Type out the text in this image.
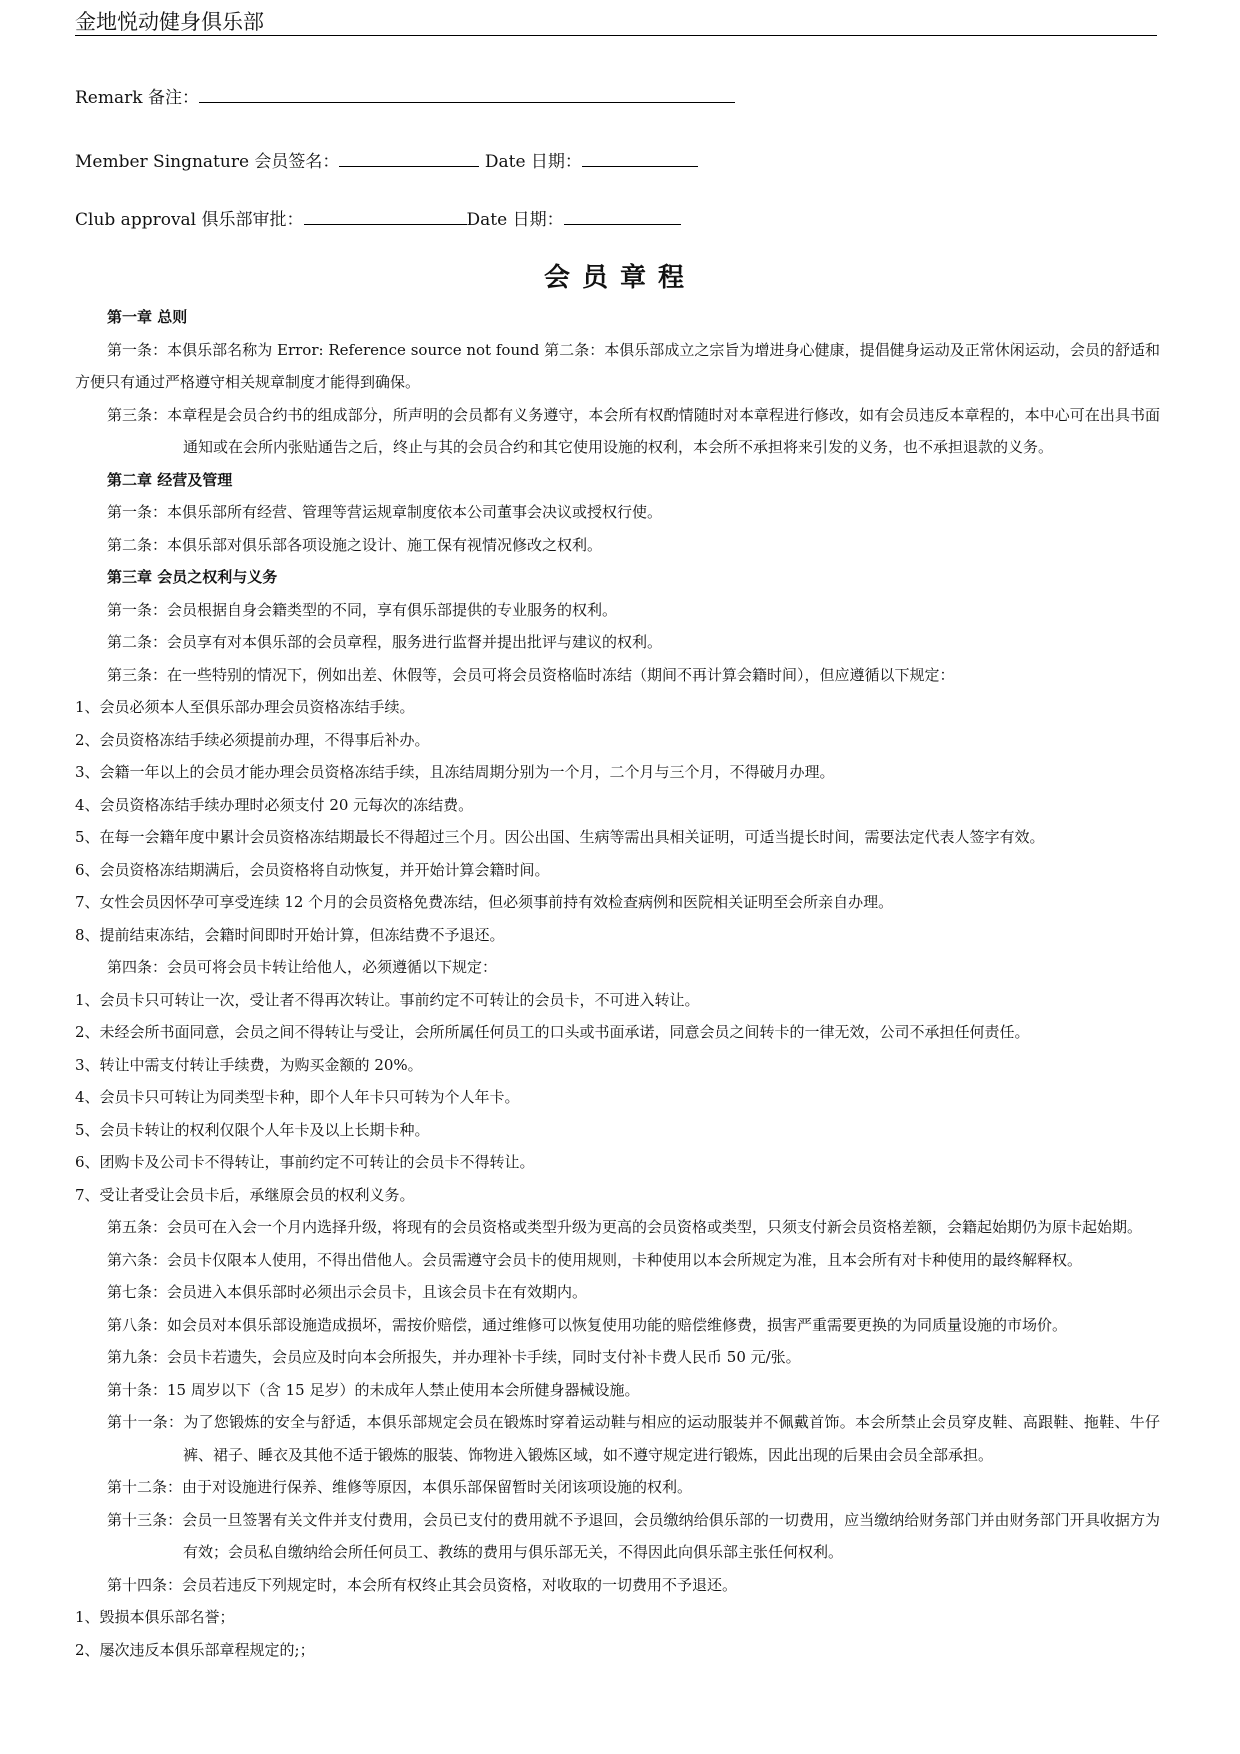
金地悦动健身俱乐部
Remark 备注：
Member Singnature 会员签名：	Date 日期：
Club approval 俱乐部审批：	Date 日期：
会员章程
第一章 总则
第一条：本俱乐部名称为 Error: Reference source not found 第二条：本俱乐部成立之宗旨为增进身心健康，提倡健身运动及正常休闲运动，会员的舒适和方便只有通过严格遵守相关规章制度才能得到确保。
第三条：本章程是会员合约书的组成部分，所声明的会员都有义务遵守，本会所有权酌情随时对本章程进行修改，如有会员违反本章程的，本中心可在出具书面通知或在会所内张贴通告之后，终止与其的会员合约和其它使用设施的权利，本会所不承担将来引发的义务，也不承担退款的义务。
第二章 经营及管理
第一条：本俱乐部所有经营、管理等营运规章制度依本公司董事会决议或授权行使。
第二条：本俱乐部对俱乐部各项设施之设计、施工保有视情况修改之权利。
第三章 会员之权利与义务
第一条：会员根据自身会籍类型的不同，享有俱乐部提供的专业服务的权利。
第二条：会员享有对本俱乐部的会员章程，服务进行监督并提出批评与建议的权利。
第三条：在一些特别的情况下，例如出差、休假等，会员可将会员资格临时冻结（期间不再计算会籍时间），但应遵循以下规定：
1、会员必须本人至俱乐部办理会员资格冻结手续。
2、会员资格冻结手续必须提前办理，不得事后补办。
3、会籍一年以上的会员才能办理会员资格冻结手续，且冻结周期分别为一个月，二个月与三个月，不得破月办理。
4、会员资格冻结手续办理时必须支付 20 元每次的冻结费。
5、在每一会籍年度中累计会员资格冻结期最长不得超过三个月。因公出国、生病等需出具相关证明，可适当提长时间，需要法定代表人签字有效。
6、会员资格冻结期满后，会员资格将自动恢复，并开始计算会籍时间。
7、女性会员因怀孕可享受连续 12 个月的会员资格免费冻结，但必须事前持有效检查病例和医院相关证明至会所亲自办理。
8、提前结束冻结，会籍时间即时开始计算，但冻结费不予退还。
第四条：会员可将会员卡转让给他人，必须遵循以下规定：
1、会员卡只可转让一次，受让者不得再次转让。事前约定不可转让的会员卡，不可进入转让。
2、未经会所书面同意，会员之间不得转让与受让，会所所属任何员工的口头或书面承诺，同意会员之间转卡的一律无效，公司不承担任何责任。
3、转让中需支付转让手续费，为购买金额的 20%。
4、会员卡只可转让为同类型卡种，即个人年卡只可转为个人年卡。
5、会员卡转让的权利仅限个人年卡及以上长期卡种。
6、团购卡及公司卡不得转让，事前约定不可转让的会员卡不得转让。
7、受让者受让会员卡后，承继原会员的权利义务。
第五条：会员可在入会一个月内选择升级，将现有的会员资格或类型升级为更高的会员资格或类型，只须支付新会员资格差额，会籍起始期仍为原卡起始期。
第六条：会员卡仅限本人使用，不得出借他人。会员需遵守会员卡的使用规则，卡种使用以本会所规定为准，且本会所有对卡种使用的最终解释权。
第七条：会员进入本俱乐部时必须出示会员卡，且该会员卡在有效期内。
第八条：如会员对本俱乐部设施造成损坏，需按价赔偿，通过维修可以恢复使用功能的赔偿维修费，损害严重需要更换的为同质量设施的市场价。
第九条：会员卡若遗失，会员应及时向本会所报失，并办理补卡手续，同时支付补卡费人民币 50 元/张。
第十条：15 周岁以下（含 15 足岁）的未成年人禁止使用本会所健身器械设施。
第十一条：为了您锻炼的安全与舒适，本俱乐部规定会员在锻炼时穿着运动鞋与相应的运动服装并不佩戴首饰。本会所禁止会员穿皮鞋、高跟鞋、拖鞋、牛仔裤、裙子、睡衣及其他不适于锻炼的服装、饰物进入锻炼区域，如不遵守规定进行锻炼，因此出现的后果由会员全部承担。
第十二条：由于对设施进行保养、维修等原因，本俱乐部保留暂时关闭该项设施的权利。
第十三条：会员一旦签署有关文件并支付费用，会员已支付的费用就不予退回，会员缴纳给俱乐部的一切费用，应当缴纳给财务部门并由财务部门开具收据方为有效；会员私自缴纳给会所任何员工、教练的费用与俱乐部无关，不得因此向俱乐部主张任何权利。
第十四条：会员若违反下列规定时，本会所有权终止其会员资格，对收取的一切费用不予退还。
1、毁损本俱乐部名誉；
2、屡次违反本俱乐部章程规定的;；
